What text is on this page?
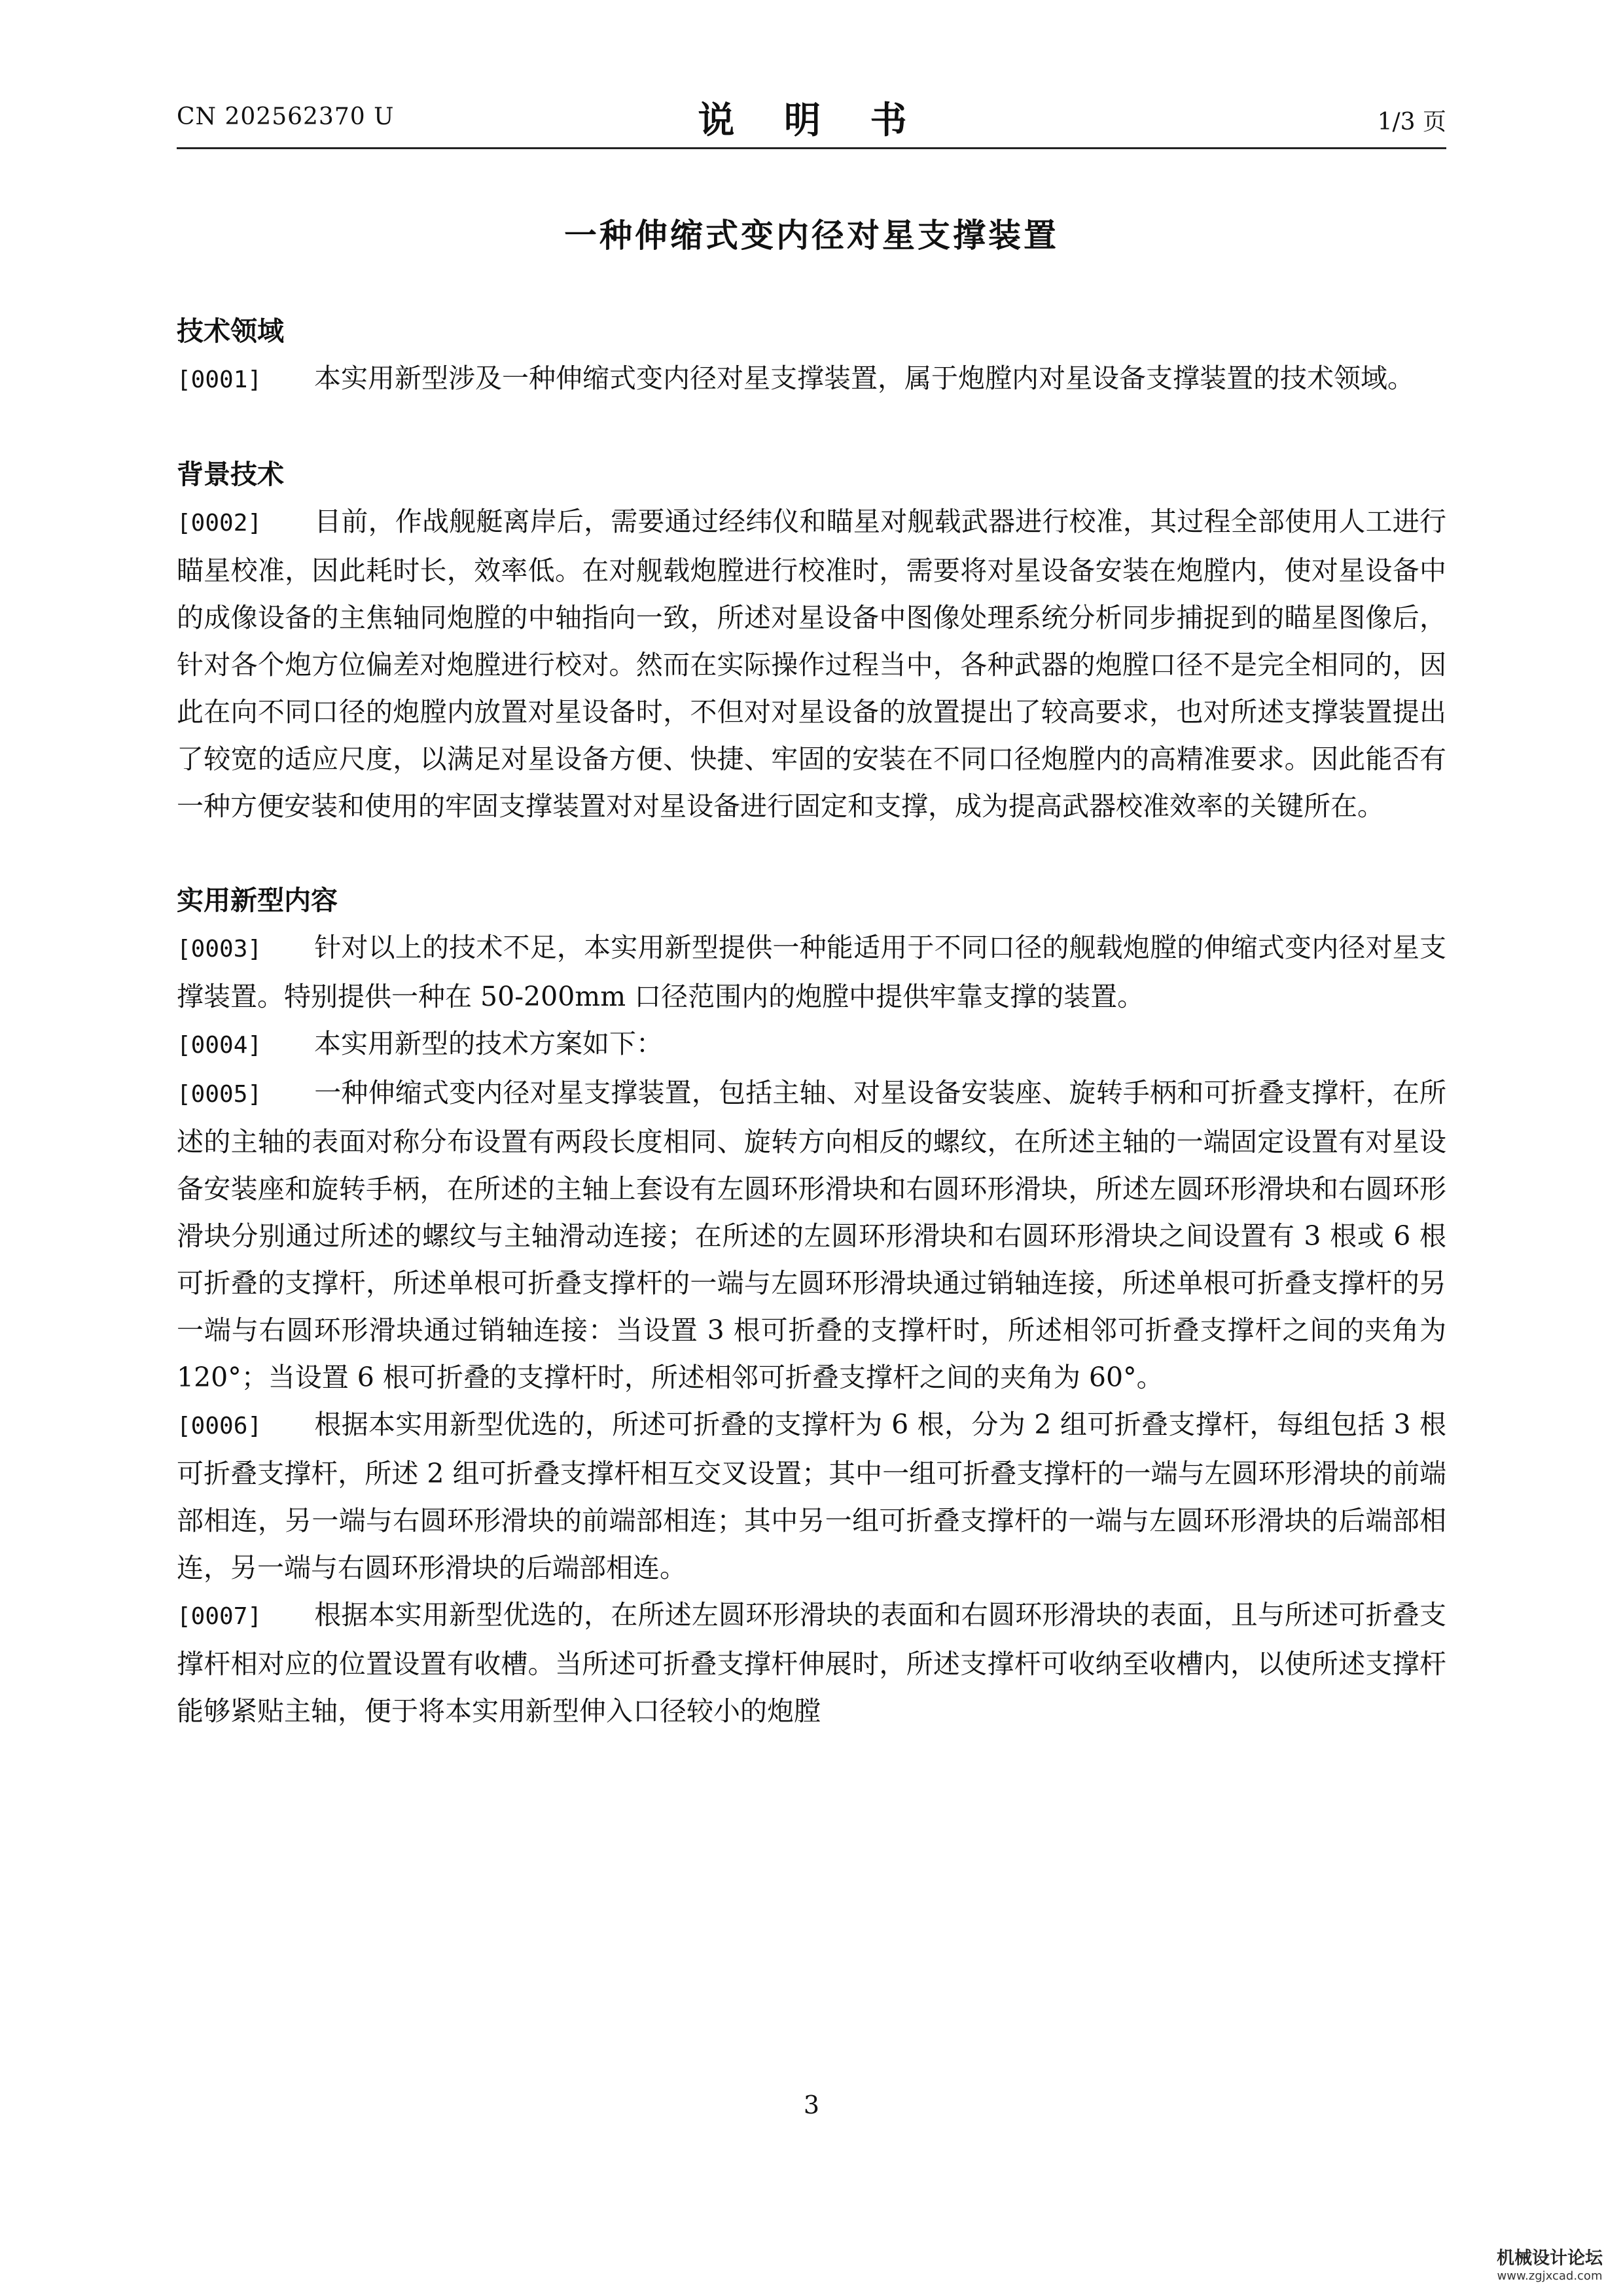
CN 202562370 U	说 明 书	1/3 页
一种伸缩式变内径对星支撑装置
技术领域

[0001] 本实用新型涉及一种伸缩式变内径对星支撑装置，属于炮膛内对星设备支撑装置的技术领域。

背景技术

[0002] 目前，作战舰艇离岸后，需要通过经纬仪和瞄星对舰载武器进行校准，其过程全部使用人工进行瞄星校准，因此耗时长，效率低。在对舰载炮膛进行校准时，需要将对星设备安装在炮膛内，使对星设备中的成像设备的主焦轴同炮膛的中轴指向一致，所述对星设备中图像处理系统分析同步捕捉到的瞄星图像后，针对各个炮方位偏差对炮膛进行校对。然而在实际操作过程当中，各种武器的炮膛口径不是完全相同的，因此在向不同口径的炮膛内放置对星设备时，不但对对星设备的放置提出了较高要求，也对所述支撑装置提出了较宽的适应尺度，以满足对星设备方便、快捷、牢固的安装在不同口径炮膛内的高精准要求。因此能否有一种方便安装和使用的牢固支撑装置对对星设备进行固定和支撑，成为提高武器校准效率的关键所在。

实用新型内容

[0003] 针对以上的技术不足，本实用新型提供一种能适用于不同口径的舰载炮膛的伸缩式变内径对星支撑装置。特别提供一种在 50-200mm 口径范围内的炮膛中提供牢靠支撑的装置。

[0004] 本实用新型的技术方案如下：

[0005] 一种伸缩式变内径对星支撑装置，包括主轴、对星设备安装座、旋转手柄和可折叠支撑杆，在所述的主轴的表面对称分布设置有两段长度相同、旋转方向相反的螺纹，在所述主轴的一端固定设置有对星设备安装座和旋转手柄，在所述的主轴上套设有左圆环形滑块和右圆环形滑块，所述左圆环形滑块和右圆环形滑块分别通过所述的螺纹与主轴滑动连接；在所述的左圆环形滑块和右圆环形滑块之间设置有 3 根或 6 根可折叠的支撑杆，所述单根可折叠支撑杆的一端与左圆环形滑块通过销轴连接，所述单根可折叠支撑杆的另一端与右圆环形滑块通过销轴连接：当设置 3 根可折叠的支撑杆时，所述相邻可折叠支撑杆之间的夹角为 120°；当设置 6 根可折叠的支撑杆时，所述相邻可折叠支撑杆之间的夹角为 60°。

[0006] 根据本实用新型优选的，所述可折叠的支撑杆为 6 根，分为 2 组可折叠支撑杆，每组包括 3 根可折叠支撑杆，所述 2 组可折叠支撑杆相互交叉设置；其中一组可折叠支撑杆的一端与左圆环形滑块的前端部相连，另一端与右圆环形滑块的前端部相连；其中另一组可折叠支撑杆的一端与左圆环形滑块的后端部相连，另一端与右圆环形滑块的后端部相连。

[0007] 根据本实用新型优选的，在所述左圆环形滑块的表面和右圆环形滑块的表面，且与所述可折叠支撑杆相对应的位置设置有收槽。当所述可折叠支撑杆伸展时，所述支撑杆可收纳至收槽内，以使所述支撑杆能够紧贴主轴，便于将本实用新型伸入口径较小的炮膛

3
机械设计论坛
www.zgjxcad.com
